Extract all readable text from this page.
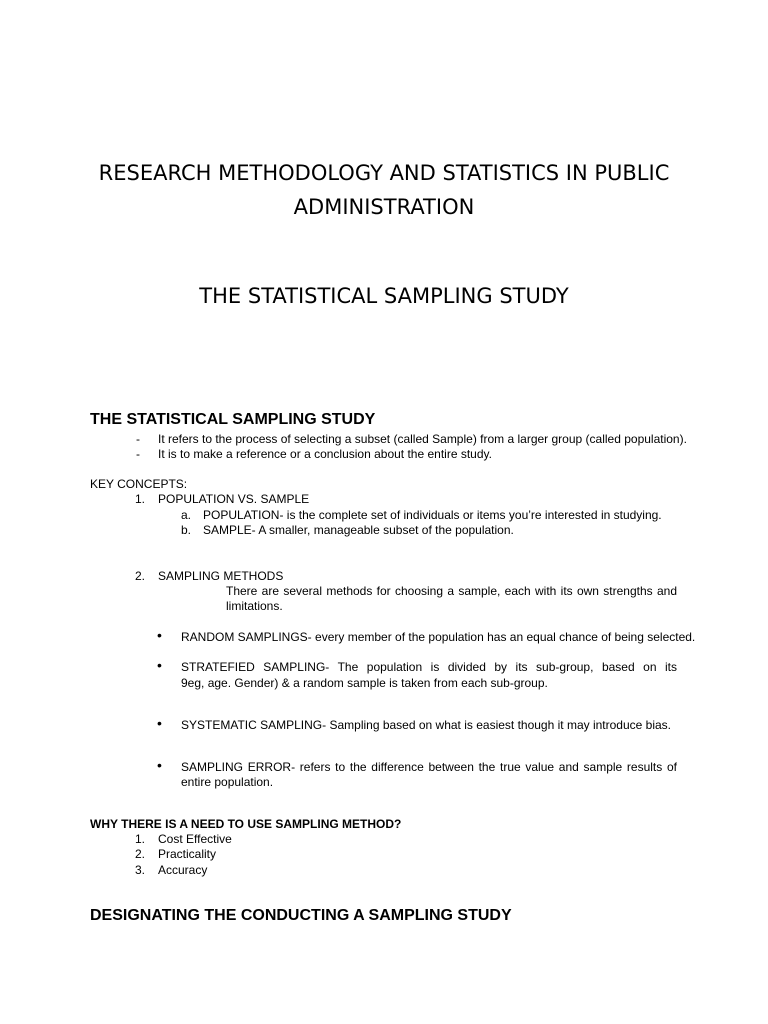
RESEARCH METHODOLOGY AND STATISTICS IN PUBLIC ADMINISTRATION
THE STATISTICAL SAMPLING STUDY
THE STATISTICAL SAMPLING STUDY
- It refers to the process of selecting a subset (called Sample) from a larger group (called population).
- It is to make a reference or a conclusion about the entire study.
KEY CONCEPTS:
1. POPULATION VS. SAMPLE
a. POPULATION- is the complete set of individuals or items you’re interested in studying.
b. SAMPLE- A smaller, manageable subset of the population.
2. SAMPLING METHODS
There are several methods for choosing a sample, each with its own strengths and
limitations.
• RANDOM SAMPLINGS- every member of the population has an equal chance of being selected.
• STRATEFIED SAMPLING- The population is divided by its sub-group, based on its
9eg, age. Gender) & a random sample is taken from each sub-group.
• SYSTEMATIC SAMPLING- Sampling based on what is easiest though it may introduce bias.
• SAMPLING ERROR- refers to the difference between the true value and sample results of
entire population.
WHY THERE IS A NEED TO USE SAMPLING METHOD?
1. Cost Effective
2. Practicality
3. Accuracy
DESIGNATING THE CONDUCTING A SAMPLING STUDY
